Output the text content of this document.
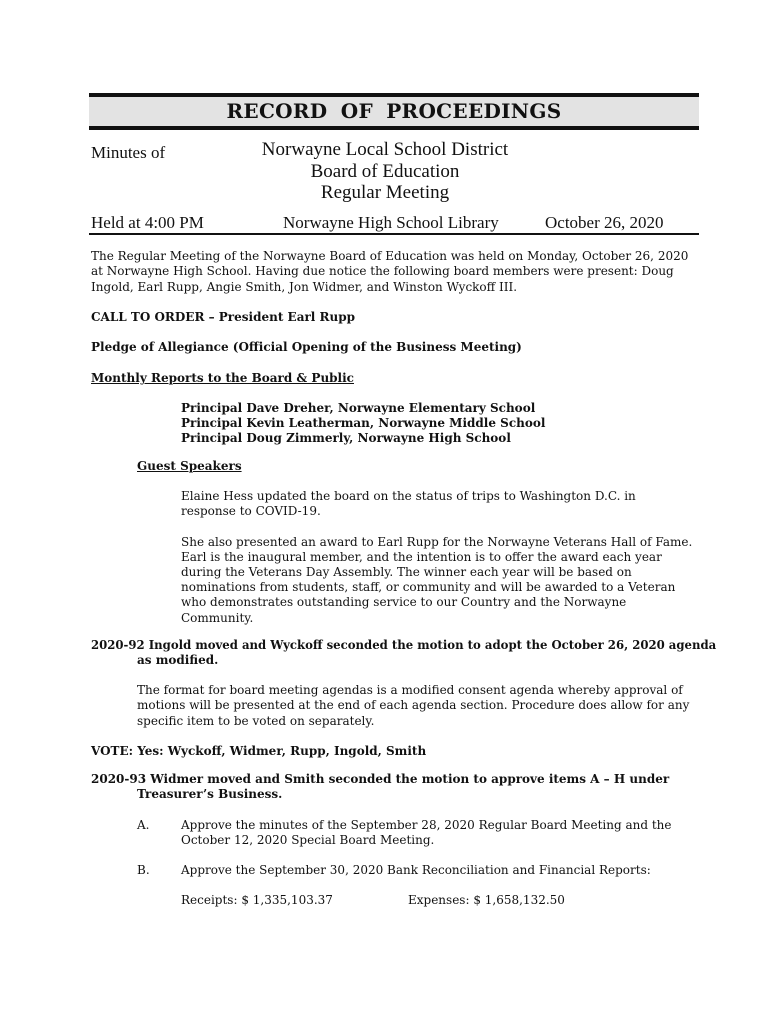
RECORD OF PROCEEDINGS
Minutes of	Norwayne Local School District
Board of Education
Regular Meeting
Held at 4:00 PM	Norwayne High School Library	October 26, 2020
The Regular Meeting of the Norwayne Board of Education was held on Monday, October 26, 2020
at Norwayne High School. Having due notice the following board members were present: Doug
Ingold, Earl Rupp, Angie Smith, Jon Widmer, and Winston Wyckoff III.
CALL TO ORDER – President Earl Rupp
Pledge of Allegiance (Official Opening of the Business Meeting)
Monthly Reports to the Board & Public
Principal Dave Dreher, Norwayne Elementary School
Principal Kevin Leatherman, Norwayne Middle School
Principal Doug Zimmerly, Norwayne High School
Guest Speakers
Elaine Hess updated the board on the status of trips to Washington D.C. in
response to COVID-19.
She also presented an award to Earl Rupp for the Norwayne Veterans Hall of Fame.
Earl is the inaugural member, and the intention is to offer the award each year
during the Veterans Day Assembly. The winner each year will be based on
nominations from students, staff, or community and will be awarded to a Veteran
who demonstrates outstanding service to our Country and the Norwayne
Community.
2020-92 Ingold moved and Wyckoff seconded the motion to adopt the October 26, 2020 agenda
as modified.
The format for board meeting agendas is a modified consent agenda whereby approval of
motions will be presented at the end of each agenda section. Procedure does allow for any
specific item to be voted on separately.
VOTE: Yes: Wyckoff, Widmer, Rupp, Ingold, Smith
2020-93 Widmer moved and Smith seconded the motion to approve items A – H under
Treasurer’s Business.
A.	Approve the minutes of the September 28, 2020 Regular Board Meeting and the
October 12, 2020 Special Board Meeting.
B.	Approve the September 30, 2020 Bank Reconciliation and Financial Reports:
Receipts: $ 1,335,103.37	Expenses: $ 1,658,132.50
